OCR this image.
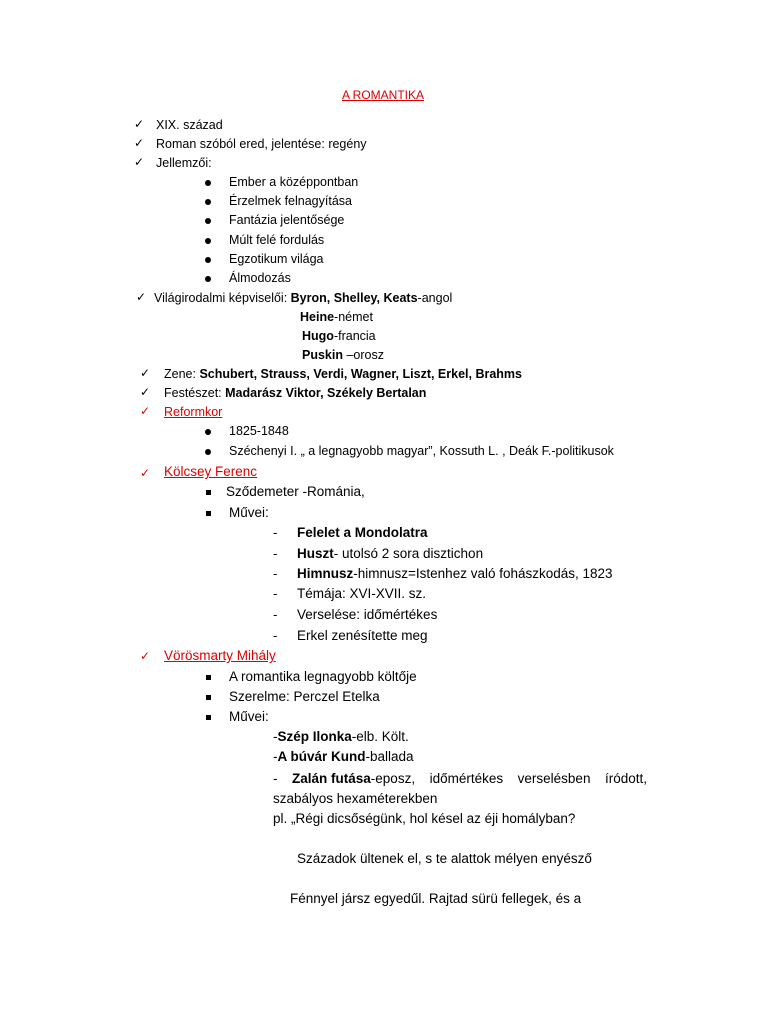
A ROMANTIKA
✓ XIX. század
✓ Roman szóból ered, jelentése: regény
✓ Jellemzői:
Ember a középpontban
Érzelmek felnagyítása
Fantázia jelentősége
Múlt felé fordulás
Egzotikum világa
Álmodozás
✓ Világirodalmi képviselői: Byron, Shelley, Keats-angol
Heine-német
Hugo-francia
Puskin –orosz
✓ Zene: Schubert, Strauss, Verdi, Wagner, Liszt, Erkel, Brahms
✓ Festészet: Madarász Viktor, Székely Bertalan
✓ Reformkor
1825-1848
Széchenyi I. „ a legnagyobb magyar”, Kossuth L. , Deák F.-politikusok
✓ Kölcsey Ferenc
Sződemeter -Románia,
Művei:
- Felelet a Mondolatra
- Huszt- utolsó 2 sora disztichon
- Himnusz-himnusz=Istenhez való fohászkodás, 1823
- Témája: XVI-XVII. sz.
- Verselése: időmértékes
- Erkel zenésítette meg
✓ Vörösmarty Mihály
A romantika legnagyobb költője
Szerelme: Perczel Etelka
Művei:
-Szép Ilonka-elb. Költ.
-A búvár Kund-ballada
- Zalán futása-eposz, időmértékes verselésben íródott,
szabályos hexaméterekben
pl. „Régi dicsőségünk, hol késel az éji homályban?
Századok ültenek el, s te alattok mélyen enyésző
Fénnyel jársz egyedűl. Rajtad sürü fellegek, és a
